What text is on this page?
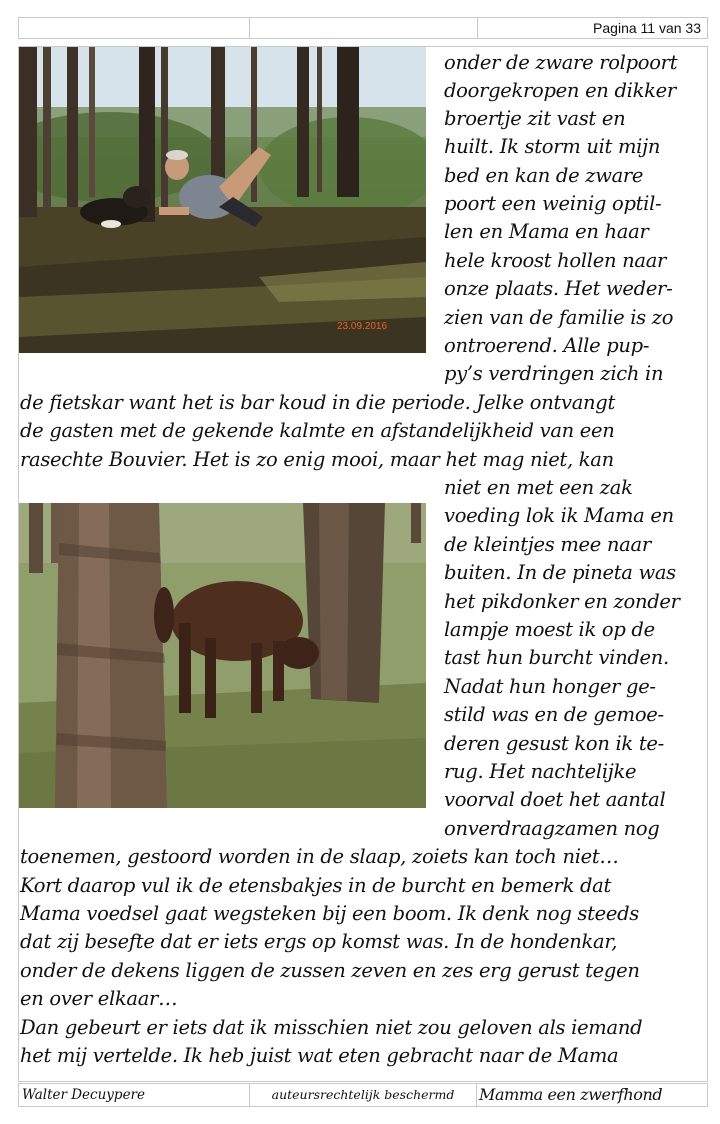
Pagina 11 van 33
23.09.2016
onder de zware rolpoort
doorgekropen en dikker
broertje zit vast en
huilt. Ik storm uit mijn
bed en kan de zware
poort een weinig optil-
len en Mama en haar
hele kroost hollen naar
onze plaats. Het weder-
zien van de familie is zo
ontroerend. Alle pup-
py’s verdringen zich in
de fietskar want het is bar koud in die periode. Jelke ontvangt
de gasten met de gekende kalmte en afstandelijkheid van een
rasechte Bouvier. Het is zo enig mooi, maar het mag niet, kan
niet en met een zak
voeding lok ik Mama en
de kleintjes mee naar
buiten. In de pineta was
het pikdonker en zonder
lampje moest ik op de
tast hun burcht vinden.
Nadat hun honger ge-
stild was en de gemoe-
deren gesust kon ik te-
rug. Het nachtelijke
voorval doet het aantal
onverdraagzamen nog
toenemen, gestoord worden in de slaap, zoiets kan toch niet…
Kort daarop vul ik de etensbakjes in de burcht en bemerk dat
Mama voedsel gaat wegsteken bij een boom. Ik denk nog steeds
dat zij besefte dat er iets ergs op komst was. In de hondenkar,
onder de dekens liggen de zussen zeven en zes erg gerust tegen
en over elkaar…
Dan gebeurt er iets dat ik misschien niet zou geloven als iemand
het mij vertelde. Ik heb juist wat eten gebracht naar de Mama
Walter Decuypere	auteursrechtelijk beschermd	Mamma een zwerfhond
